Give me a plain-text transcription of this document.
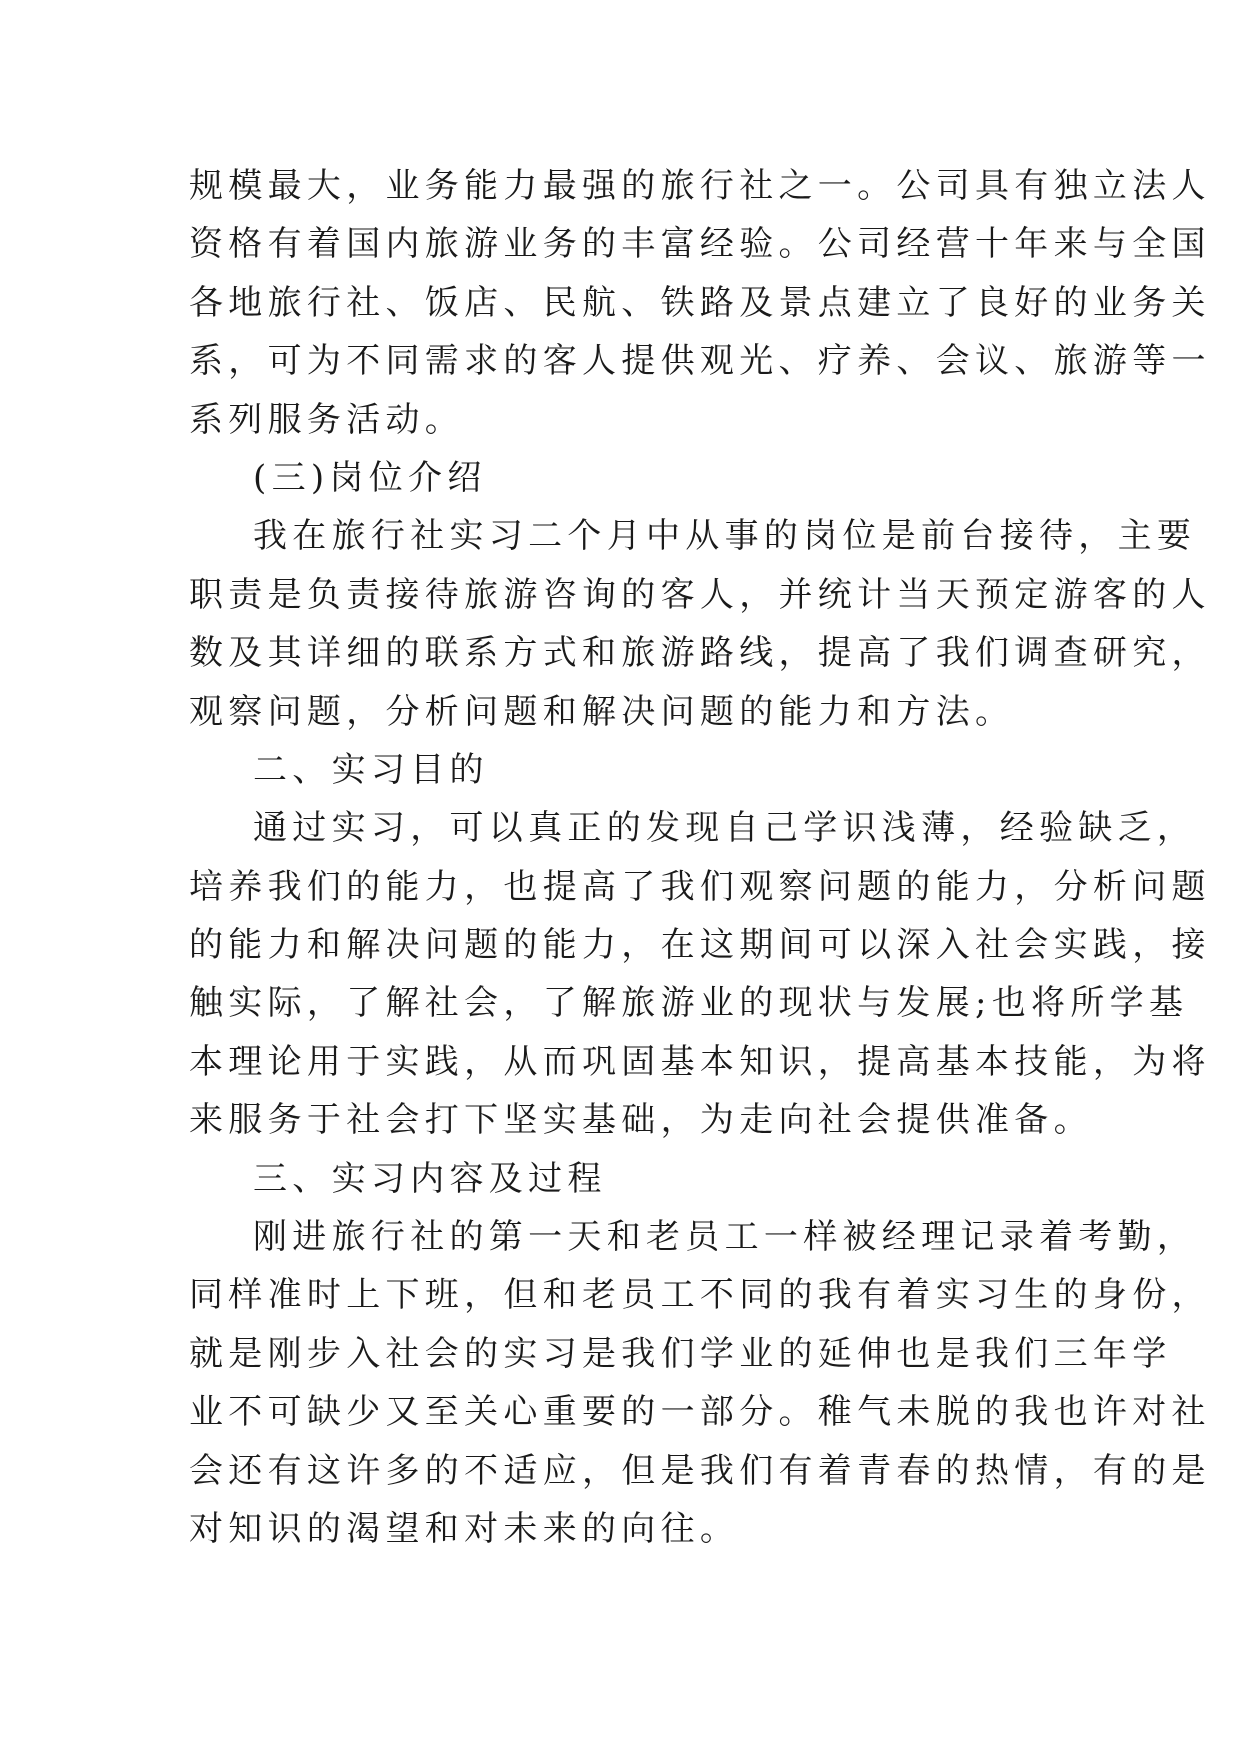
规模最大，业务能力最强的旅行社之一。公司具有独立法人
资格有着国内旅游业务的丰富经验。公司经营十年来与全国
各地旅行社、饭店、民航、铁路及景点建立了良好的业务关
系，可为不同需求的客人提供观光、疗养、会议、旅游等一
系列服务活动。
(三)岗位介绍
我在旅行社实习二个月中从事的岗位是前台接待，主要
职责是负责接待旅游咨询的客人，并统计当天预定游客的人
数及其详细的联系方式和旅游路线，提高了我们调查研究，
观察问题，分析问题和解决问题的能力和方法。
二、实习目的
通过实习，可以真正的发现自己学识浅薄，经验缺乏，
培养我们的能力，也提高了我们观察问题的能力，分析问题
的能力和解决问题的能力，在这期间可以深入社会实践，接
触实际，了解社会，了解旅游业的现状与发展;也将所学基
本理论用于实践，从而巩固基本知识，提高基本技能，为将
来服务于社会打下坚实基础，为走向社会提供准备。
三、实习内容及过程
刚进旅行社的第一天和老员工一样被经理记录着考勤，
同样准时上下班，但和老员工不同的我有着实习生的身份，
就是刚步入社会的实习是我们学业的延伸也是我们三年学
业不可缺少又至关心重要的一部分。稚气未脱的我也许对社
会还有这许多的不适应，但是我们有着青春的热情，有的是
对知识的渴望和对未来的向往。
